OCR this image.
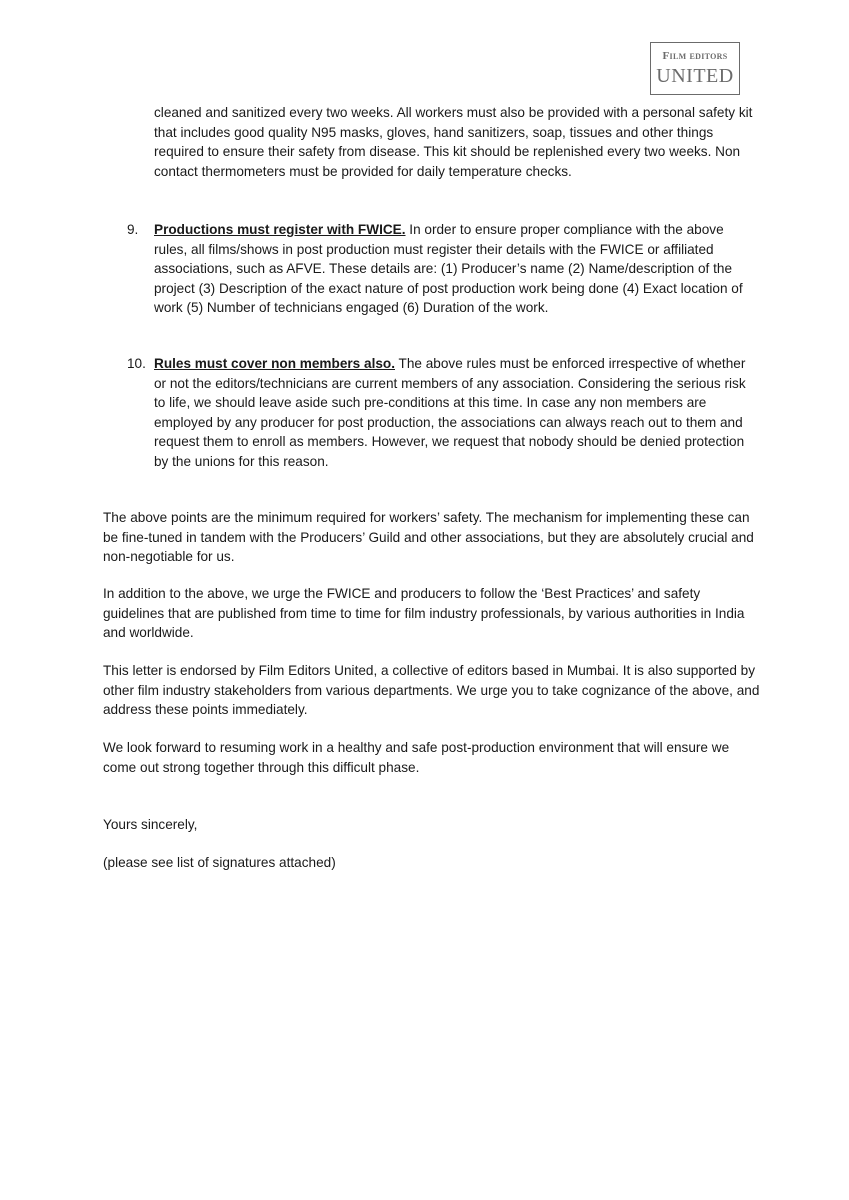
Film editors
UNITED
cleaned and sanitized every two weeks. All workers must also be provided with a personal safety kit that includes good quality N95 masks, gloves, hand sanitizers, soap, tissues and other things required to ensure their safety from disease. This kit should be replenished every two weeks. Non contact thermometers must be provided for daily temperature checks.
9. Productions must register with FWICE. In order to ensure proper compliance with the above rules, all films/shows in post production must register their details with the FWICE or affiliated associations, such as AFVE. These details are: (1) Producer’s name (2) Name/description of the project (3) Description of the exact nature of post production work being done (4) Exact location of work (5) Number of technicians engaged (6) Duration of the work.
10. Rules must cover non members also. The above rules must be enforced irrespective of whether or not the editors/technicians are current members of any association. Considering the serious risk to life, we should leave aside such pre-conditions at this time. In case any non members are employed by any producer for post production, the associations can always reach out to them and request them to enroll as members. However, we request that nobody should be denied protection by the unions for this reason.
The above points are the minimum required for workers’ safety. The mechanism for implementing these can be fine-tuned in tandem with the Producers’ Guild and other associations, but they are absolutely crucial and non-negotiable for us.
In addition to the above, we urge the FWICE and producers to follow the ‘Best Practices’ and safety guidelines that are published from time to time for film industry professionals, by various authorities in India and worldwide.
This letter is endorsed by Film Editors United, a collective of editors based in Mumbai. It is also supported by other film industry stakeholders from various departments. We urge you to take cognizance of the above, and address these points immediately.
We look forward to resuming work in a healthy and safe post-production environment that will ensure we come out strong together through this difficult phase.
Yours sincerely,
(please see list of signatures attached)
